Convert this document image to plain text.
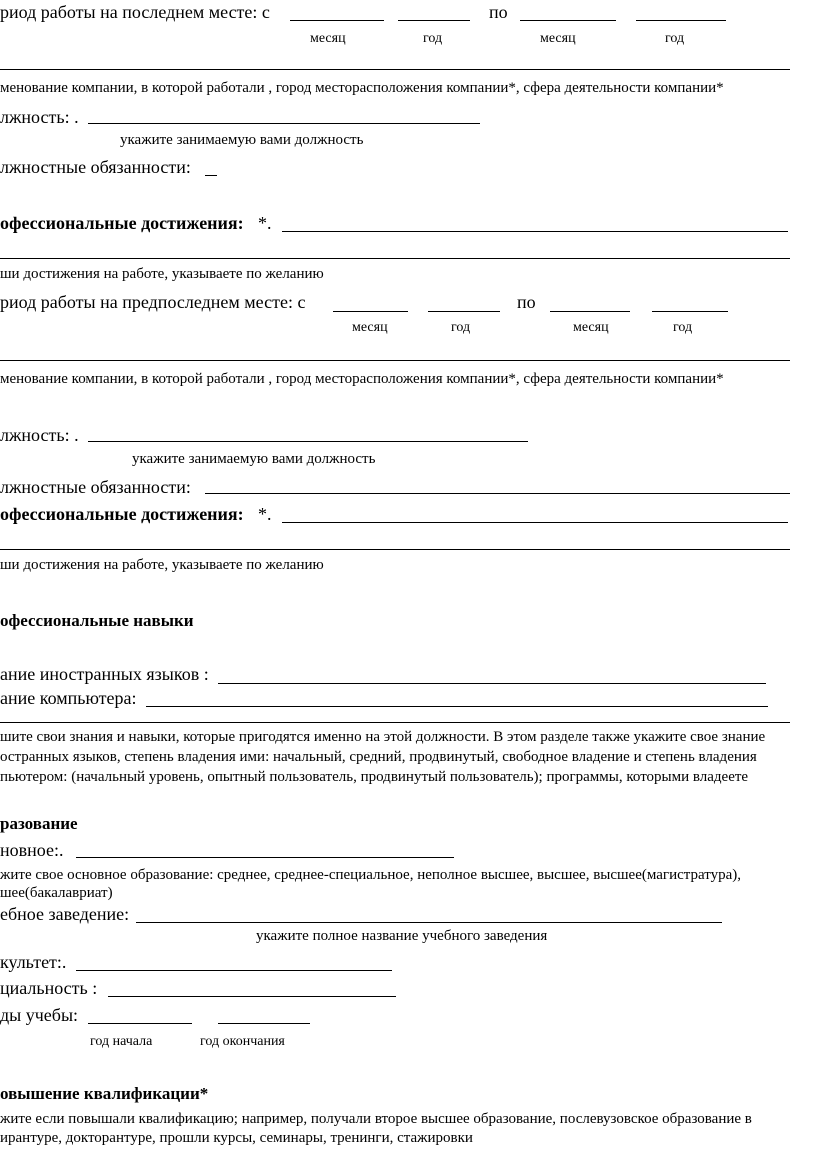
риод работы на последнем месте: с	по
месяц	год	месяц	год
менование компании, в которой работали , город месторасположения компании*, сфера деятельности компании*
лжность: .
укажите занимаемую вами должность
лжностные обязанности:
офессиональные достижения: *.
ши достижения на работе, указываете по желанию
риод работы на предпоследнем месте: с	по
месяц	год	месяц	год
менование компании, в которой работали , город месторасположения компании*, сфера деятельности компании*
лжность: .
укажите занимаемую вами должность
лжностные обязанности:
офессиональные достижения: *.
ши достижения на работе, указываете по желанию
офессиональные навыки
ание иностранных языков :
ание компьютера:
шите свои знания и навыки, которые пригодятся именно на этой должности. В этом разделе также укажите свое знание
остранных языков, степень владения ими: начальный, средний, продвинутый, свободное владение и степень владения
пьютером: (начальный уровень, опытный пользователь, продвинутый пользователь); программы, которыми владеете
разование
новное:.
жите свое основное образование: среднее, среднее-специальное, неполное высшее, высшее, высшее(магистратура),
шее(бакалавриат)
ебное заведение:
укажите полное название учебного заведения
культет:.
циальность :
ды учебы:
год начала	год окончания
овышение квалификации*
жите если повышали квалификацию; например, получали второе высшее образование, послевузовское образование в
ирантуре, докторантуре, прошли курсы, семинары, тренинги, стажировки
